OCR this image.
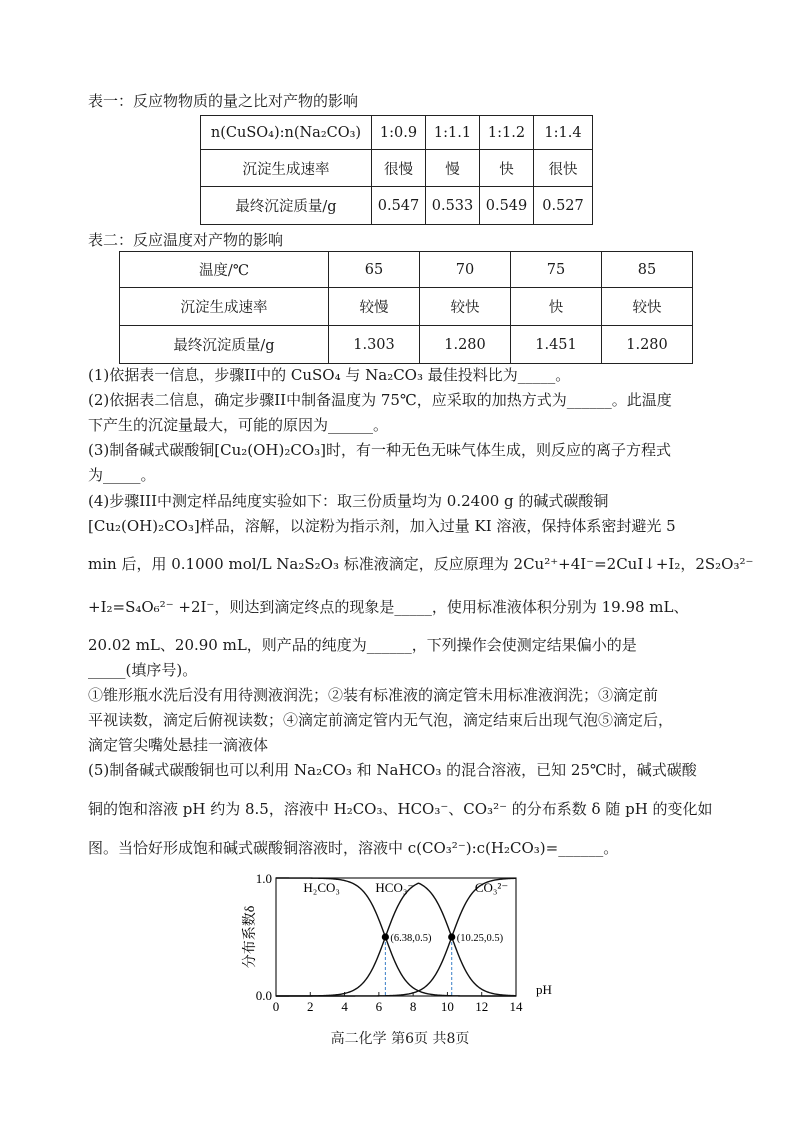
表一：反应物物质的量之比对产物的影响
n(CuSO₄):n(Na₂CO₃)	1:0.9	1:1.1	1:1.2	1:1.4
沉淀生成速率	很慢	慢	快	很快
最终沉淀质量/g	0.547	0.533	0.549	0.527
表二：反应温度对产物的影响
温度/℃	65	70	75	85
沉淀生成速率	较慢	较快	快	较快
最终沉淀质量/g	1.303	1.280	1.451	1.280
(1)依据表一信息，步骤II中的 CuSO₄ 与 Na₂CO₃ 最佳投料比为_____。
(2)依据表二信息，确定步骤II中制备温度为 75℃，应采取的加热方式为______。此温度
下产生的沉淀量最大，可能的原因为______。
(3)制备碱式碳酸铜[Cu₂(OH)₂CO₃]时，有一种无色无味气体生成，则反应的离子方程式
为_____。
(4)步骤III中测定样品纯度实验如下：取三份质量均为 0.2400 g 的碱式碳酸铜
[Cu₂(OH)₂CO₃]样品，溶解，以淀粉为指示剂，加入过量 KI 溶液，保持体系密封避光 5
min 后，用 0.1000 mol/L Na₂S₂O₃ 标准液滴定，反应原理为 2Cu²⁺+4I⁻=2CuI↓+I₂，2S₂O₃²⁻
+I₂=S₄O₆²⁻ +2I⁻，则达到滴定终点的现象是_____，使用标准液体积分别为 19.98 mL、
20.02 mL、20.90 mL，则产品的纯度为______，下列操作会使测定结果偏小的是
_____(填序号)。
①锥形瓶水洗后没有用待测液润洗；②装有标准液的滴定管未用标准液润洗；③滴定前
平视读数，滴定后俯视读数；④滴定前滴定管内无气泡，滴定结束后出现气泡⑤滴定后，
滴定管尖嘴处悬挂一滴液体
(5)制备碱式碳酸铜也可以利用 Na₂CO₃ 和 NaHCO₃ 的混合溶液，已知 25℃时，碱式碳酸
铜的饱和溶液 pH 约为 8.5，溶液中 H₂CO₃、HCO₃⁻、CO₃²⁻ 的分布系数 δ 随 pH 的变化如
图。当恰好形成饱和碱式碳酸铜溶液时，溶液中 c(CO₃²⁻):c(H₂CO₃)=______。
0 2 4 6 8 10 12 14
0.0
1.0
pH
分布系数δ	(6.38,0.5) (10.25,0.5)
H₂CO₃	HCO₃⁻	CO₃²⁻
高二化学 第6页 共8页
